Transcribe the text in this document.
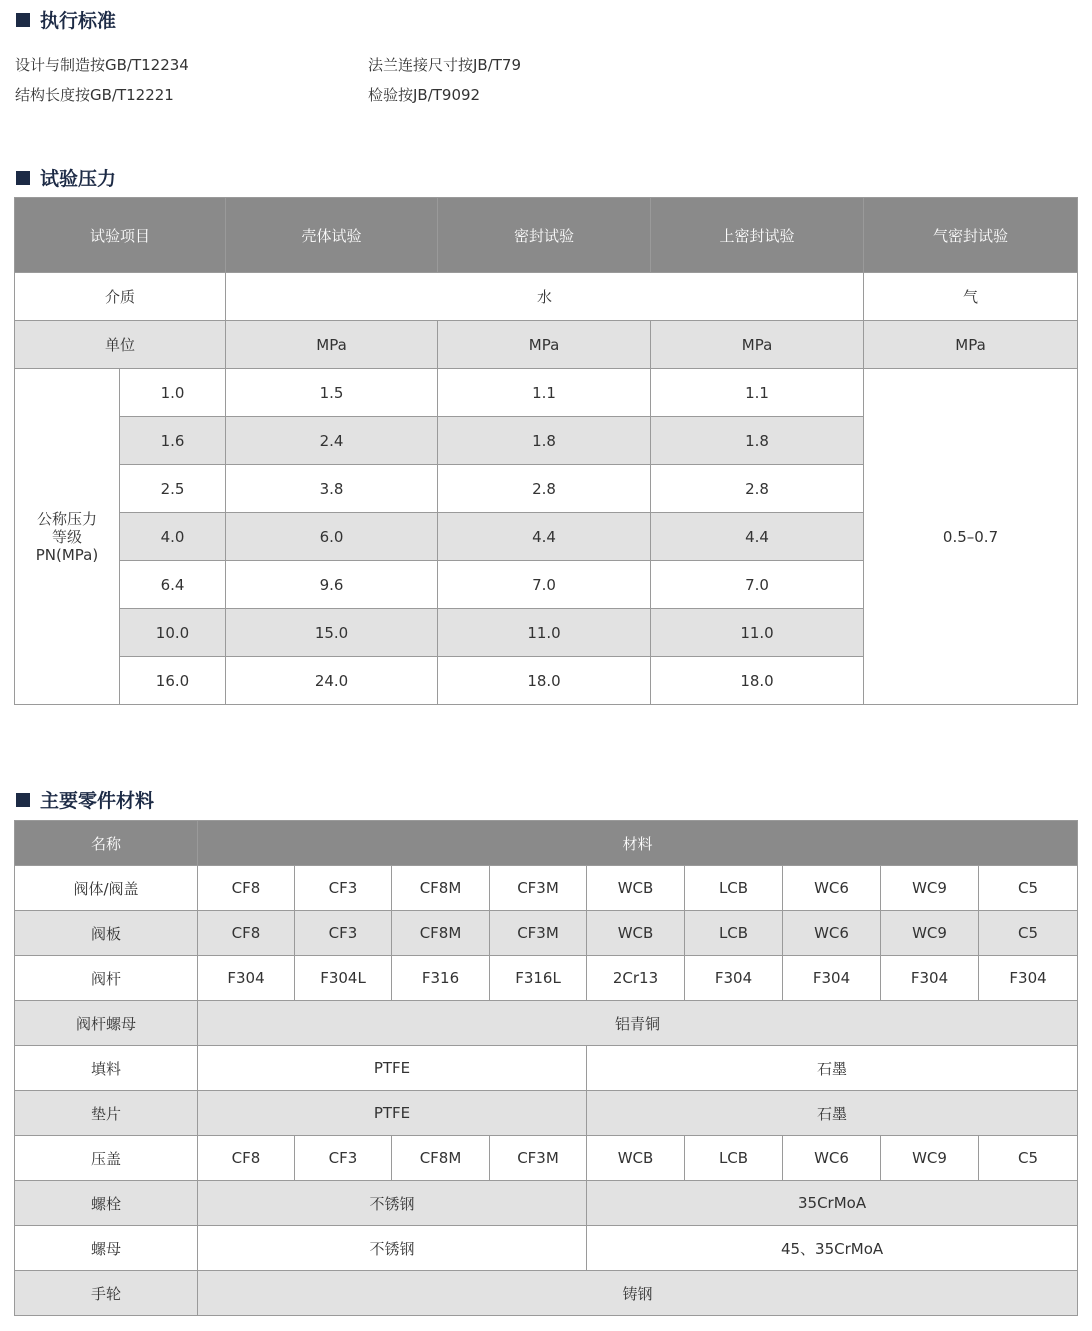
执行标准
设计与制造按GB/T12234	法兰连接尺寸按JB/T79
结构长度按GB/T12221	检验按JB/T9092
试验压力
试验项目		壳体试验	密封试验	上密封试验	气密封试验
介质		水			气
单位		MPa	MPa	MPa	MPa

公称压力
等级
PN(MPa)	1.0	1.5	1.1	1.1	0.5–0.7
	1.6	2.4	1.8	1.8	
	2.5	3.8	2.8	2.8	
	4.0	6.0	4.4	4.4	
	6.4	9.6	7.0	7.0	
	10.0	15.0	11.0	11.0	
	16.0	24.0	18.0	18.0	
主要零件材料
名称	材料								
阀体/阀盖	CF8	CF3	CF8M	CF3M	WCB	LCB	WC6	WC9	C5
阀板	CF8	CF3	CF8M	CF3M	WCB	LCB	WC6	WC9	C5
阀杆	F304	F304L	F316	F316L	2Cr13	F304	F304	F304	F304
阀杆螺母	铝青铜								
填料	PTFE				石墨				
垫片	PTFE				石墨				
压盖	CF8	CF3	CF8M	CF3M	WCB	LCB	WC6	WC9	C5
螺栓	不锈钢				35CrMoA				
螺母	不锈钢				45、35CrMoA				
手轮	铸钢								
